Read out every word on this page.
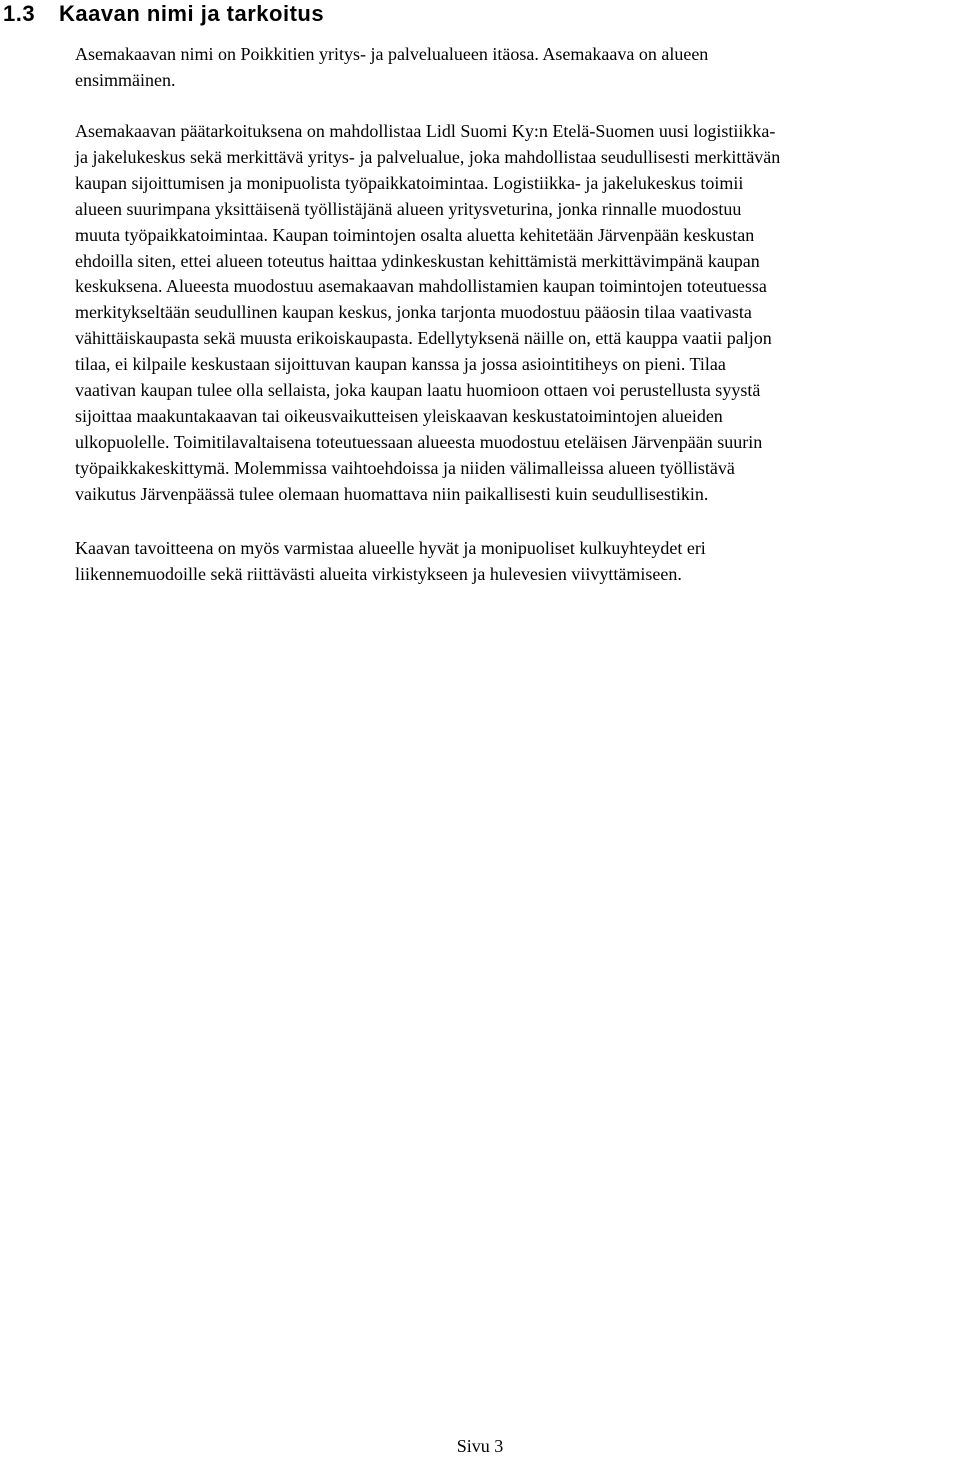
1.3 Kaavan nimi ja tarkoitus

Asemakaavan nimi on Poikkitien yritys- ja palvelualueen itäosa. Asemakaava on alueen
ensimmäinen.

Asemakaavan päätarkoituksena on mahdollistaa Lidl Suomi Ky:n Etelä-Suomen uusi logistiikka-
ja jakelukeskus sekä merkittävä yritys- ja palvelualue, joka mahdollistaa seudullisesti merkittävän
kaupan sijoittumisen ja monipuolista työpaikkatoimintaa. Logistiikka- ja jakelukeskus toimii
alueen suurimpana yksittäisenä työllistäjänä alueen yritysveturina, jonka rinnalle muodostuu
muuta työpaikkatoimintaa. Kaupan toimintojen osalta aluetta kehitetään Järvenpään keskustan
ehdoilla siten, ettei alueen toteutus haittaa ydinkeskustan kehittämistä merkittävimpänä kaupan
keskuksena. Alueesta muodostuu asemakaavan mahdollistamien kaupan toimintojen toteutuessa
merkitykseltään seudullinen kaupan keskus, jonka tarjonta muodostuu pääosin tilaa vaativasta
vähittäiskaupasta sekä muusta erikoiskaupasta. Edellytyksenä näille on, että kauppa vaatii paljon
tilaa, ei kilpaile keskustaan sijoittuvan kaupan kanssa ja jossa asiointitiheys on pieni. Tilaa
vaativan kaupan tulee olla sellaista, joka kaupan laatu huomioon ottaen voi perustellusta syystä
sijoittaa maakuntakaavan tai oikeusvaikutteisen yleiskaavan keskustatoimintojen alueiden
ulkopuolelle. Toimitilavaltaisena toteutuessaan alueesta muodostuu eteläisen Järvenpään suurin
työpaikkakeskittymä. Molemmissa vaihtoehdoissa ja niiden välimalleissa alueen työllistävä
vaikutus Järvenpäässä tulee olemaan huomattava niin paikallisesti kuin seudullisestikin.

Kaavan tavoitteena on myös varmistaa alueelle hyvät ja monipuoliset kulkuyhteydet eri
liikennemuodoille sekä riittävästi alueita virkistykseen ja hulevesien viivyttämiseen.

Sivu 3
